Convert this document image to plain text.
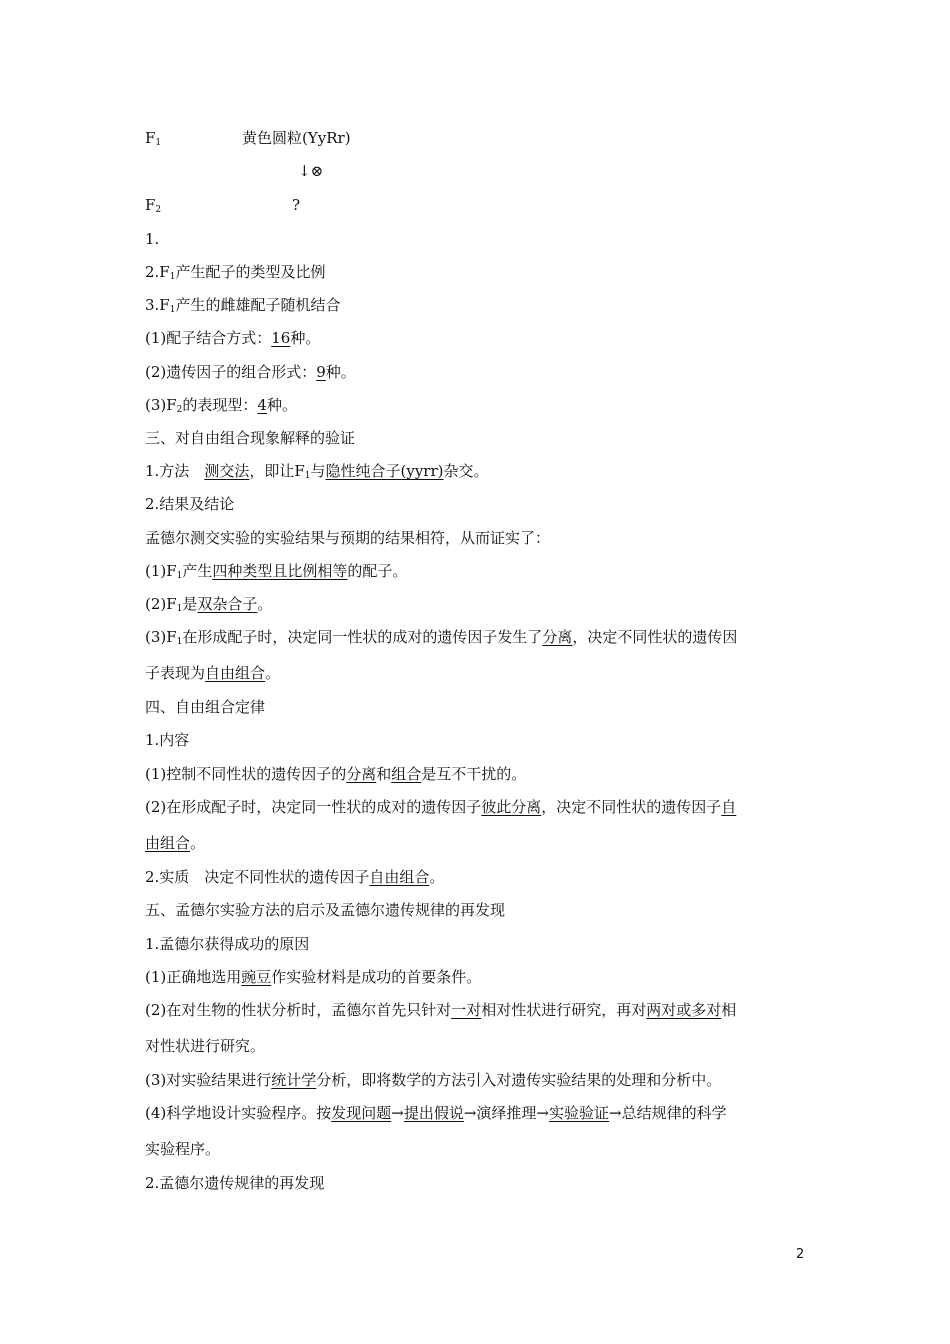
$F_1$	黄色圆粒(YyRr)
↓⊗
$F_2$	?
1.
$2.F_1$产生配子的类型及比例
$3.F_1$产生的雌雄配子随机结合
(1)配子结合方式：16种。
(2)遗传因子的组合形式：9种。
$(3)F_2$的表现型：4种。
三、对自由组合现象解释的验证
1.方法　测交法，即让$F_1$与隐性纯合子(yyrr)杂交。
2.结果及结论
孟德尔测交实验的实验结果与预期的结果相符，从而证实了：
$(1)F_1$产生四种类型且比例相等的配子。
$(2)F_1$是双杂合子。
$(3)F_1$在形成配子时，决定同一性状的成对的遗传因子发生了分离，决定不同性状的遗传因
子表现为自由组合。
四、自由组合定律
1.内容
(1)控制不同性状的遗传因子的分离和组合是互不干扰的。
(2)在形成配子时，决定同一性状的成对的遗传因子彼此分离，决定不同性状的遗传因子自
由组合。
2.实质　决定不同性状的遗传因子自由组合。
五、孟德尔实验方法的启示及孟德尔遗传规律的再发现
1.孟德尔获得成功的原因
(1)正确地选用豌豆作实验材料是成功的首要条件。
(2)在对生物的性状分析时，孟德尔首先只针对一对相对性状进行研究，再对两对或多对相
对性状进行研究。
(3)对实验结果进行统计学分析，即将数学的方法引入对遗传实验结果的处理和分析中。
(4)科学地设计实验程序。按发现问题→提出假说→演绎推理→实验验证→总结规律的科学
实验程序。
2.孟德尔遗传规律的再发现
2
